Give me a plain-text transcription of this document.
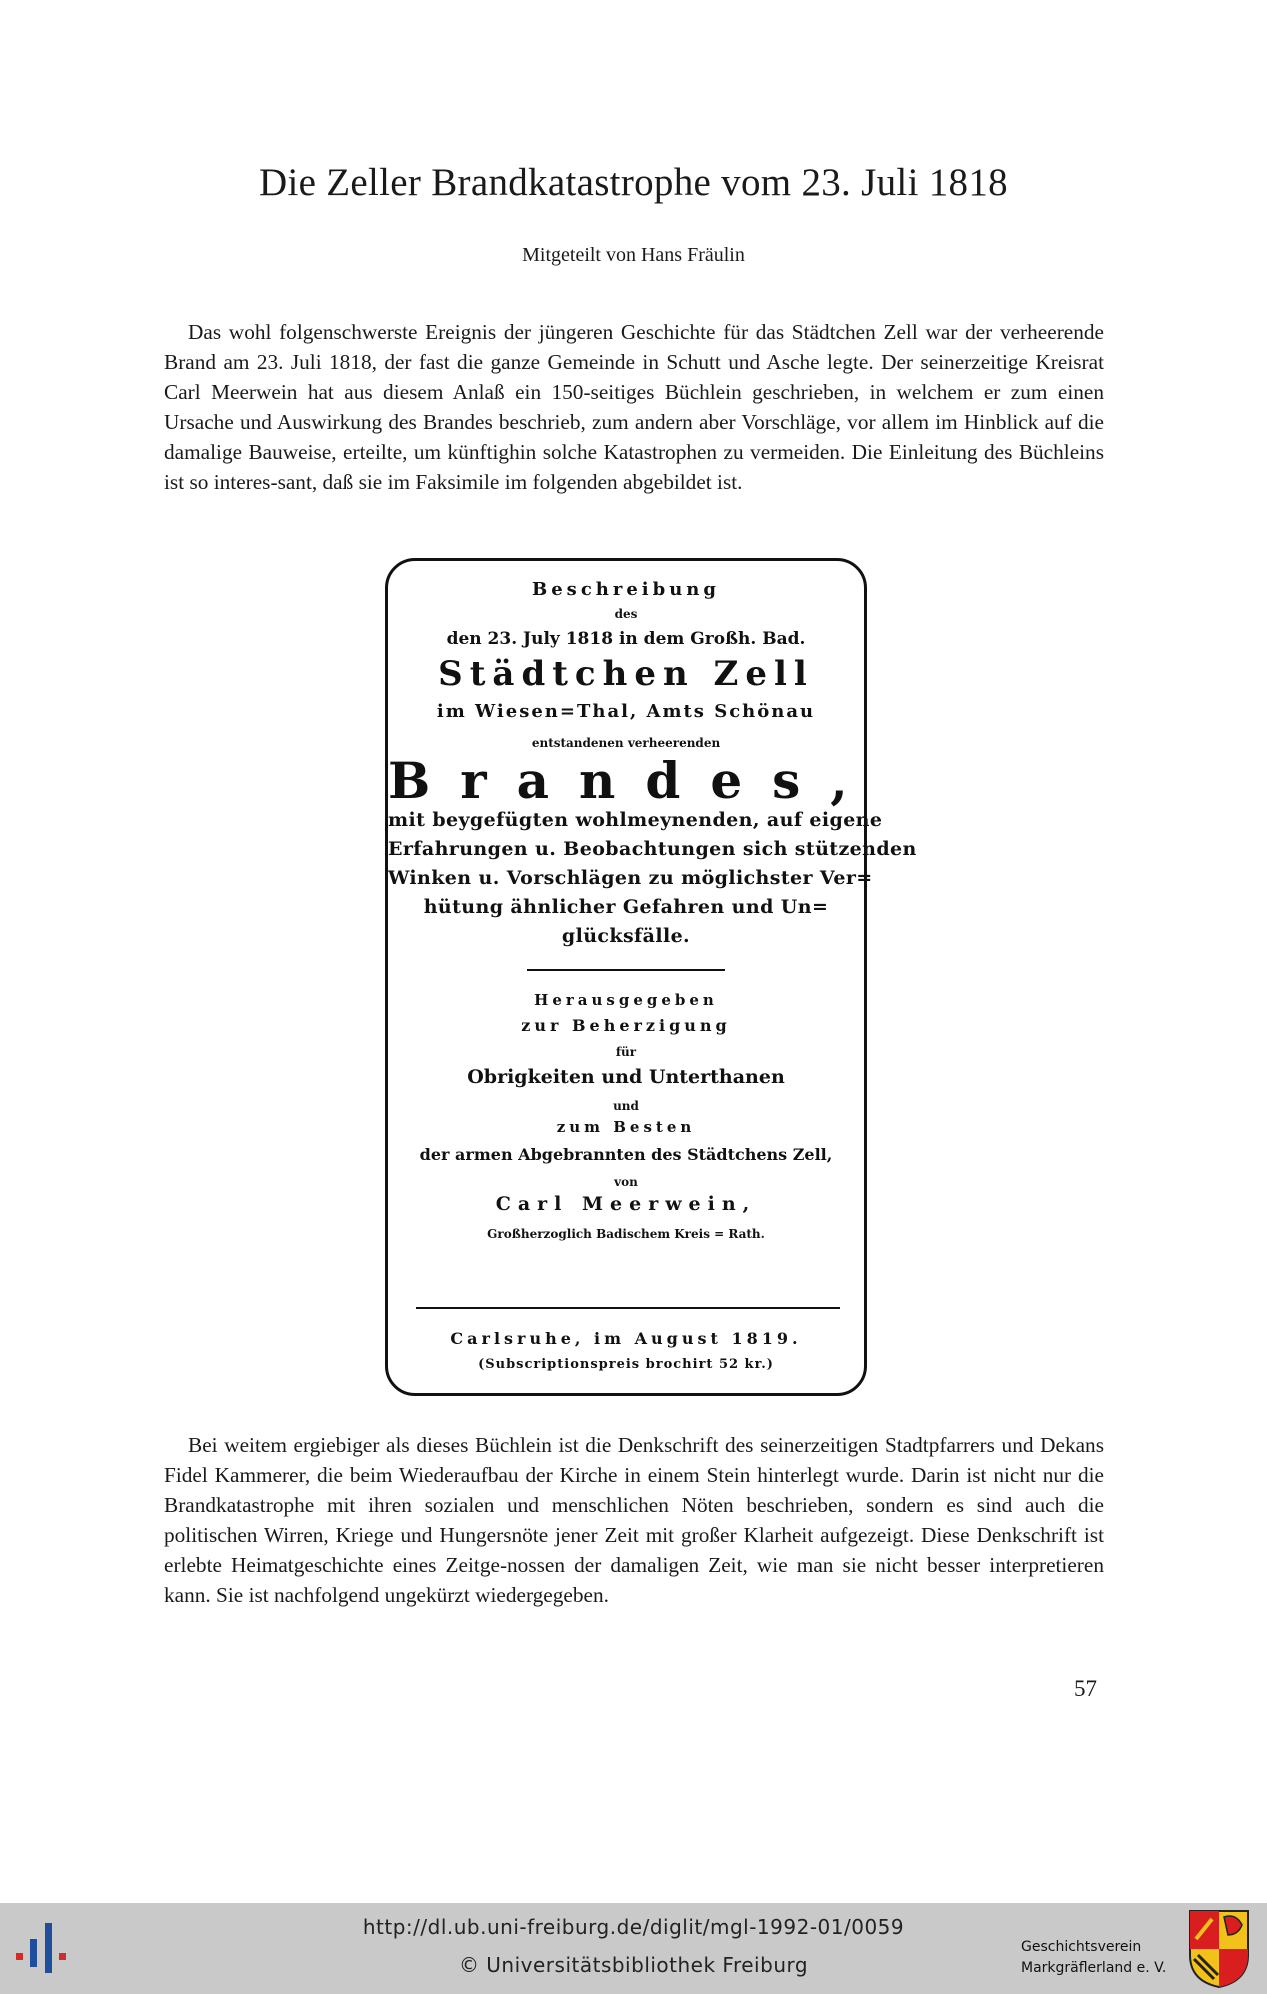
Die Zeller Brandkatastrophe vom 23. Juli 1818
Mitgeteilt von Hans Fräulin

Das wohl folgenschwerste Ereignis der jüngeren Geschichte für das Städtchen Zell war der verheerende Brand am 23. Juli 1818, der fast die ganze Gemeinde in Schutt und Asche legte. Der seinerzeitige Kreisrat Carl Meerwein hat aus diesem Anlaß ein 150-seitiges Büchlein geschrieben, in welchem er zum einen Ursache und Auswirkung des Brandes beschrieb, zum andern aber Vorschläge, vor allem im Hinblick auf die damalige Bauweise, erteilte, um künftighin solche Katastrophen zu vermeiden. Die Einleitung des Büchleins ist so interes-sant, daß sie im Faksimile im folgenden abgebildet ist.

Beschreibung
des
den 23. July 1818 in dem Großh. Bad.
Städtchen Zell
im Wiesen=Thal, Amts Schönau
entstandenen verheerenden
Brandes,
mit beygefügten wohlmeynenden, auf eigene
Erfahrungen u. Beobachtungen sich stützenden
Winken u. Vorschlägen zu möglichster Ver=
hütung ähnlicher Gefahren und Un=
glücksfälle.
Herausgegeben
zur Beherzigung
für
Obrigkeiten und Unterthanen
und
zum Besten
der armen Abgebrannten des Städtchens Zell,
von
Carl Meerwein,
Großherzoglich Badischem Kreis = Rath.
Carlsruhe, im August 1819.
(Subscriptionspreis brochirt 52 kr.)

Bei weitem ergiebiger als dieses Büchlein ist die Denkschrift des seinerzeitigen Stadtpfarrers und Dekans Fidel Kammerer, die beim Wiederaufbau der Kirche in einem Stein hinterlegt wurde. Darin ist nicht nur die Brandkatastrophe mit ihren sozialen und menschlichen Nöten beschrieben, sondern es sind auch die politischen Wirren, Kriege und Hungersnöte jener Zeit mit großer Klarheit aufgezeigt. Diese Denkschrift ist erlebte Heimatgeschichte eines Zeitge-nossen der damaligen Zeit, wie man sie nicht besser interpretieren kann. Sie ist nachfolgend ungekürzt wiedergegeben.

57
http://dl.ub.uni-freiburg.de/diglit/mgl-1992-01/0059
© Universitätsbibliothek Freiburg
Geschichtsverein
Markgräflerland e. V.
